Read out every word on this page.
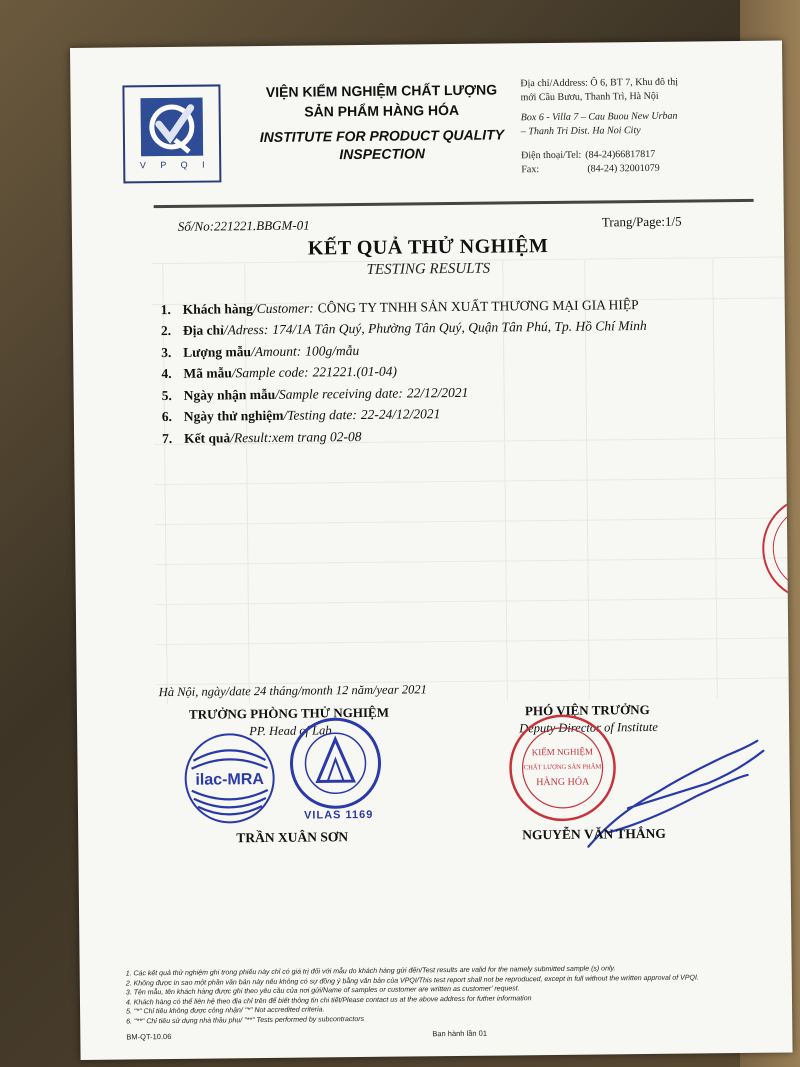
V P Q I
VIỆN KIỂM NGHIỆM CHẤT LƯỢNG
SẢN PHẨM HÀNG HÓA
INSTITUTE FOR PRODUCT QUALITY
INSPECTION
Địa chỉ/Address: Ô 6, BT 7, Khu đô thị
mới Cầu Bươu, Thanh Trì, Hà Nội
Box 6 - Villa 7 – Cau Buou New Urban
– Thanh Tri Dist. Ha Noi City
Điện thoại/Tel: (84-24)66817817
Fax:	(84-24) 32001079
Số/No:221221.BBGM-01	Trang/Page:1/5
KẾT QUẢ THỬ NGHIỆM
TESTING RESULTS
1. Khách hàng /Customer: CÔNG TY TNHH SẢN XUẤT THƯƠNG MẠI GIA HIỆP
2. Địa chỉ /Adress: 174/1A Tân Quý, Phường Tân Quý, Quận Tân Phú, Tp. Hồ Chí Minh
3. Lượng mẫu /Amount: 100g/mẫu
4. Mã mẫu /Sample code: 221221.(01-04)
5. Ngày nhận mẫu /Sample receiving date: 22/12/2021
6. Ngày thử nghiệm /Testing date: 22-24/12/2021
7. Kết quả /Result: xem trang 02-08
Hà Nội, ngày/date 24 tháng/month 12 năm/year 2021
TRƯỞNG PHÒNG THỬ NGHIỆM
PP. Head of Lab
PHÓ VIỆN TRƯỞNG
Deputy Director of Institute
ilac-MRA
VILAS 1169
KIỂM NGHIỆM
CHẤT LƯỢNG SẢN PHẨM
HÀNG HÓA
TRẦN XUÂN SƠN	NGUYỄN VĂN THẮNG
1. Các kết quả thử nghiệm ghi trong phiếu này chỉ có giá trị đối với mẫu do khách hàng gửi đến/Test results are valid for the namely submitted sample (s) only.
2. Không được in sao một phần văn bản này nếu không có sự đồng ý bằng văn bản của VPQI/This test report shall not be reproduced, except in full without the written approval of VPQI.
3. Tên mẫu, tên khách hàng được ghi theo yêu cầu của nơi gửi/Name of samples or customer are written as customer' request.
4. Khách hàng có thể liên hệ theo địa chỉ trên để biết thông tin chi tiết/Please contact us at the above address for futher information
5. "*" Chỉ tiêu không được công nhận/ "*" Not accredited criteria.
6. "**" Chỉ tiêu sử dụng nhà thầu phụ/ "**" Tests performed by subcontractors
BM-QT-10.06	Ban hành lần 01
